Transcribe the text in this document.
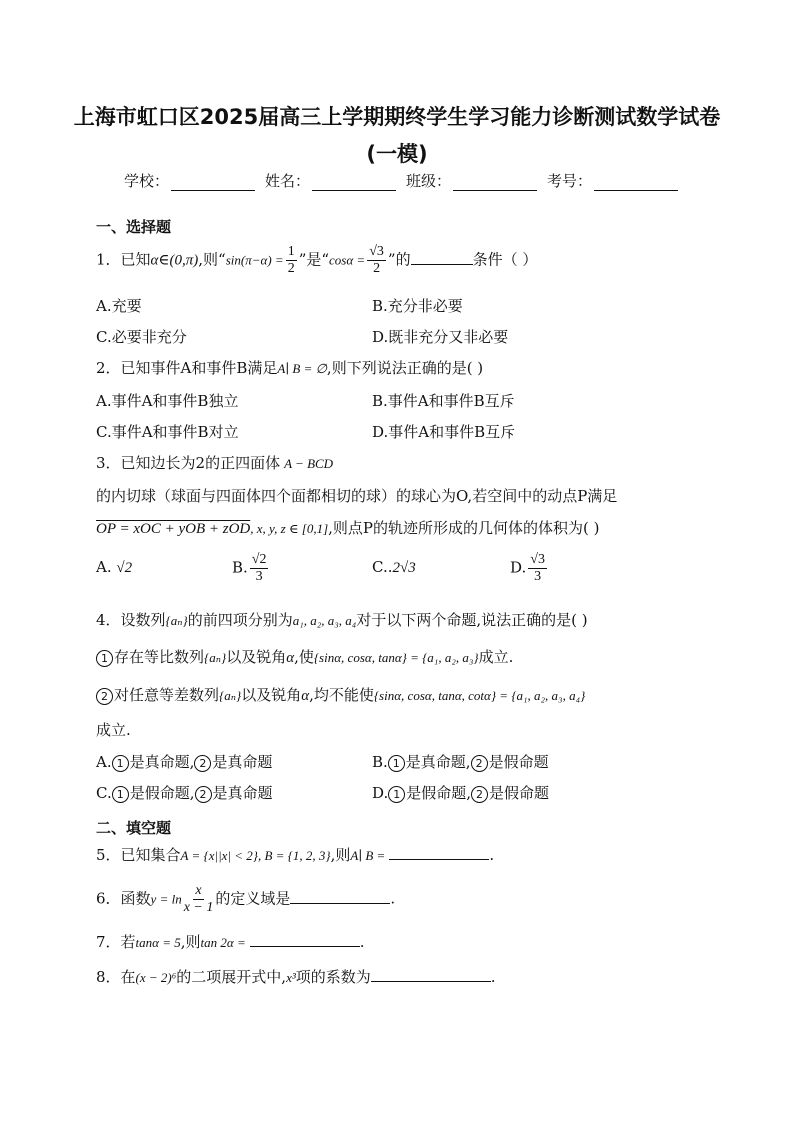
上海市虹口区2025届高三上学期期终学生学习能力诊断测试数学试卷
(一模)
学校：	姓名：	班级：	考号：
一、选择题
1．已知α∈(0,π),则“$\sin(\pi-\alpha) = \frac{1}{2}$ ”是“$\cos\alpha = \frac{√3}{2}$ ”的	条件（ ）
A.充要	B.充分非必要
C.必要非充分	D.既非充分又非必要
2．已知事件A和事件B满足A∣ B = ∅,则下列说法正确的是( )
A.事件A和事件B独立	B.事件A和事件B互斥
C.事件A和事件B对立	D.事件A和事件B互斥
3．已知边长为2的正四面体 A − BCD
的内切球（球面与四面体四个面都相切的球）的球心为O,若空间中的动点P满足
OP = xOC + yOB + zOD, x, y, z ∈ [0,1],则点P的轨迹所形成的几何体的体积为( )
A. √2	B. $\frac{√2}{3}$	C..2√3	D. $\frac{√3}{3}$
4．设数列{aₙ}的前四项分别为a₁, a₂, a₃, a₄对于以下两个命题,说法正确的是( )
1 存在等比数列{aₙ}以及锐角α,使{sinα, cosα, tanα} = {a₁, a₂, a₃}成立.
2 对任意等差数列{aₙ}以及锐角α,均不能使{sinα, cosα, tanα, cotα} = {a₁, a₂, a₃, a₄}
成立.
A. 1 是真命题, 2 是真命题	B. 1 是真命题, 2 是假命题
C. 1 是假命题, 2 是真命题	D. 1 是假命题, 2 是假命题
二、填空题
5．已知集合A = {x||x| < 2}, B = {1, 2, 3},则A∣ B =	.
6．函数$y = \ln \frac{x}{x - 1}$ 的定义域是	.
7．若tanα = 5,则tan 2α =	.
8．在(x − 2)⁶的二项展开式中,x³项的系数为	.
